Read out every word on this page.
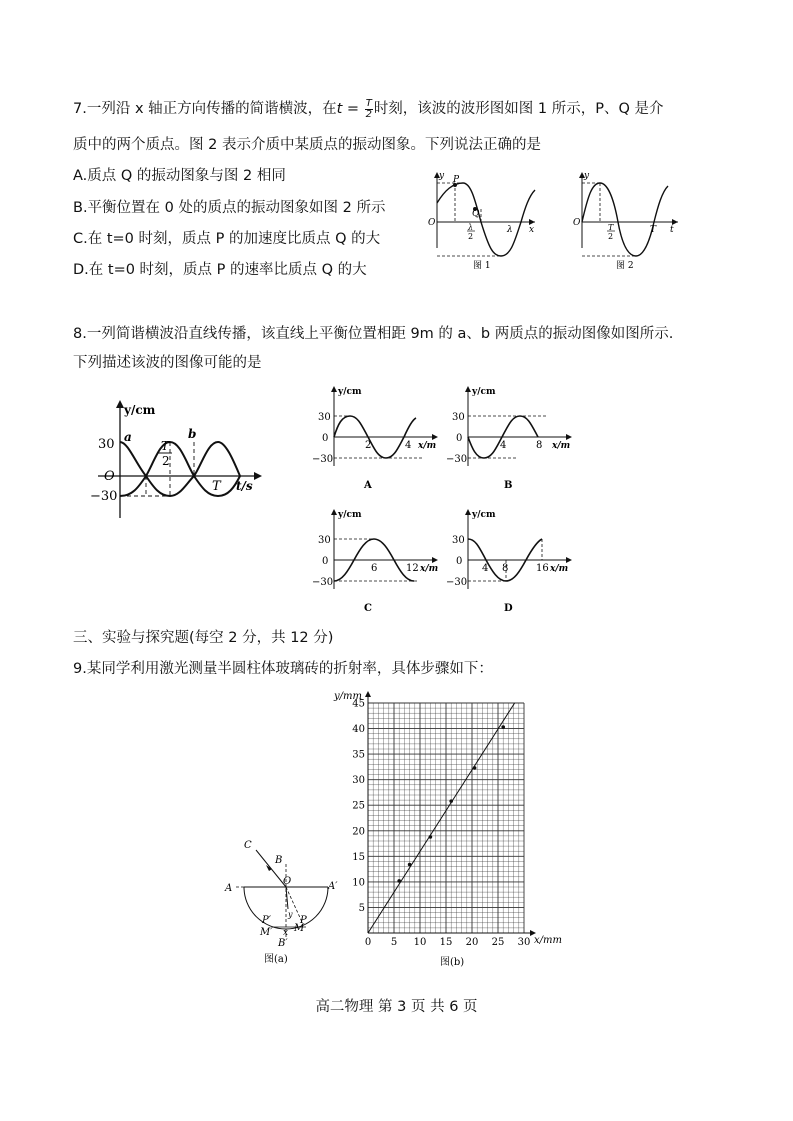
7.一列沿 x 轴正方向传播的简谐横波，在$t = \frac{T}{2}$ 时刻，该波的波形图如图 1 所示，P、Q 是介
质中的两个质点。图 2 表示介质中某质点的振动图象。下列说法正确的是
A.质点 Q 的振动图象与图 2 相同
B.平衡位置在 0 处的质点的振动图象如图 2 所示
C.在 t=0 时刻，质点 P 的加速度比质点 Q 的大
D.在 t=0 时刻，质点 P 的速率比质点 Q 的大
y
O
P
Q
λ
2
λ x
图 1
y
O	T
2
T t
图 2
8.一列简谐横波沿直线传播，该直线上平衡位置相距 9m 的 a、b 两质点的振动图像如图所示.
下列描述该波的图像可能的是
y/cm
30
O
−30
a	b
T
2
T t/s
y/cm
30
0
−30
2	4 x/m
A
y/cm
30
0
−30
4	8 x/m
B
y/cm
30
0
−30
6	12 x/m
C
y/cm
30
0
−30
4 8	16 x/m
D
三、实验与探究题(每空 2 分，共 12 分)
9.某同学利用激光测量半圆柱体玻璃砖的折射率，具体步骤如下：
C
B
O
A	A′
P′	P
M′ M
x
B′
y
图(a)
0 5 10 15 20 25 30
5
10
15
20
25
30
35
40
45
y/mm
x/mm
图(b)
高二物理 第 3 页 共 6 页
